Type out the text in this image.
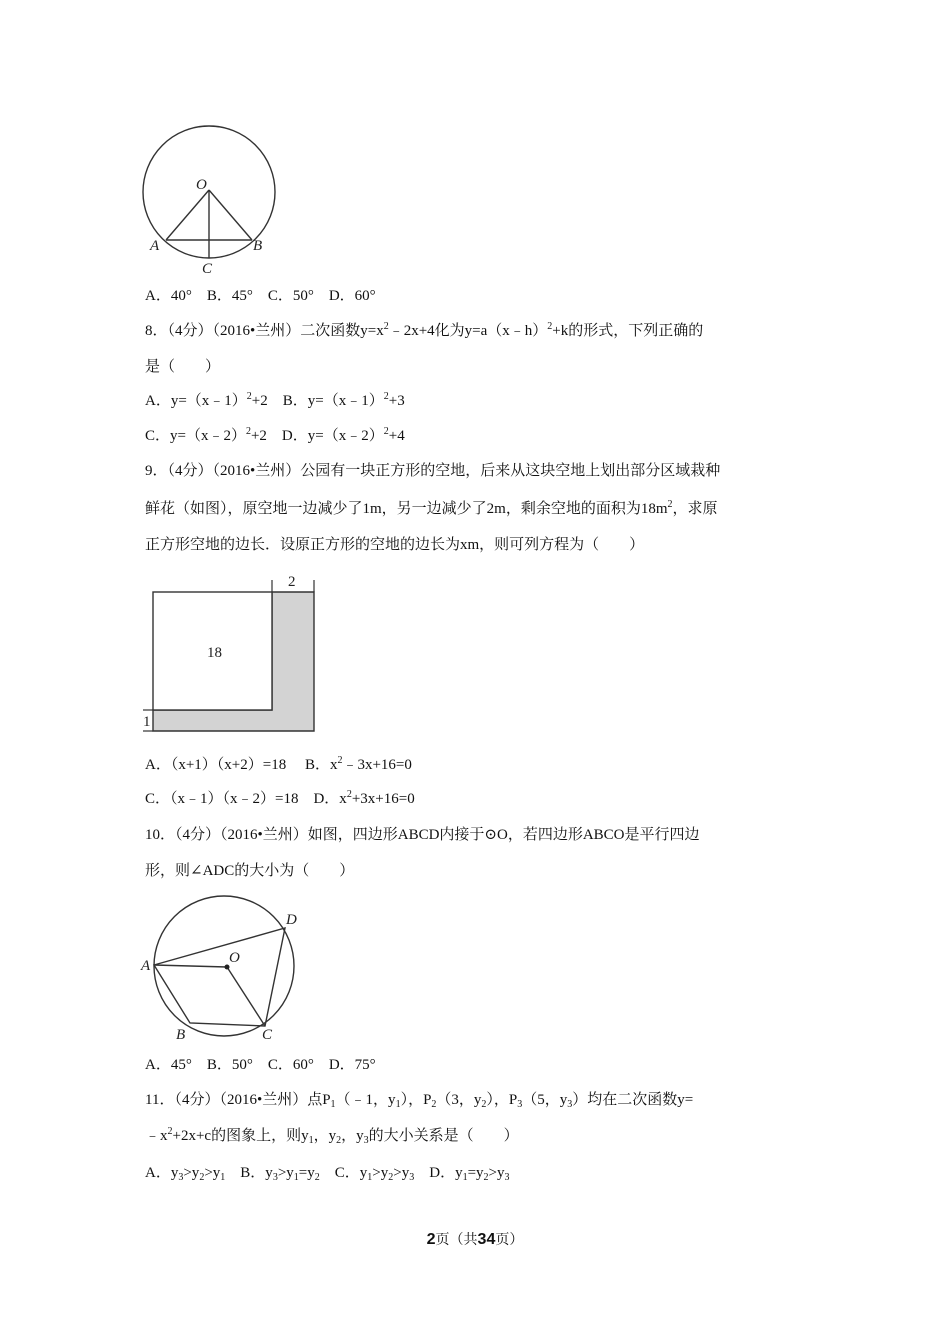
O
A	B
C
A．40°　B．45°　C．50°　D．60°
8．（4分）（2016•兰州）二次函数$y=x^2﹣2x+4$化为y=a（x﹣h）$^2$+k的形式，下列正确的
是（　　）
A．y=（x﹣1）$^2$+2　B．y=（x﹣1）$^2$+3
C．y=（x﹣2）$^2$+2　D．y=（x﹣2）$^2$+4
9．（4分）（2016•兰州）公园有一块正方形的空地，后来从这块空地上划出部分区域栽种
鲜花（如图），原空地一边减少了1m，另一边减少了2m，剩余空地的面积为$18m^2$，求原
正方形空地的边长．设原正方形的空地的边长为xm，则可列方程为（　　）
18
2
1
A．（x+1）（x+2）=18　 B．$x^2﹣3x+16=0$
C．（x﹣1）（x﹣2）=18　D．$x^2+3x+16=0$
10．（4分）（2016•兰州）如图，四边形ABCD内接于⊙O，若四边形ABCO是平行四边
形，则∠ADC的大小为（　　）
A
B	C
D
O
A．45°　B．50°　C．60°　D．75°
11．（4分）（2016•兰州）点$P_1(﹣1$，$y_1$），$P_2(3$，$y_2$），$P_3(5$，$y_3$）均在二次函数y=
$﹣x^2+2x+c$的图象上，则$y_1$，$y_2$，$y_3$的大小关系是（　　）
A．$y_3>y_2>y_1$　 B．$y_3>y_1=y_2$　 C．$y_1>y_2>y_3$　 D．$y_1=y_2>y_3$
2页（共34页）
